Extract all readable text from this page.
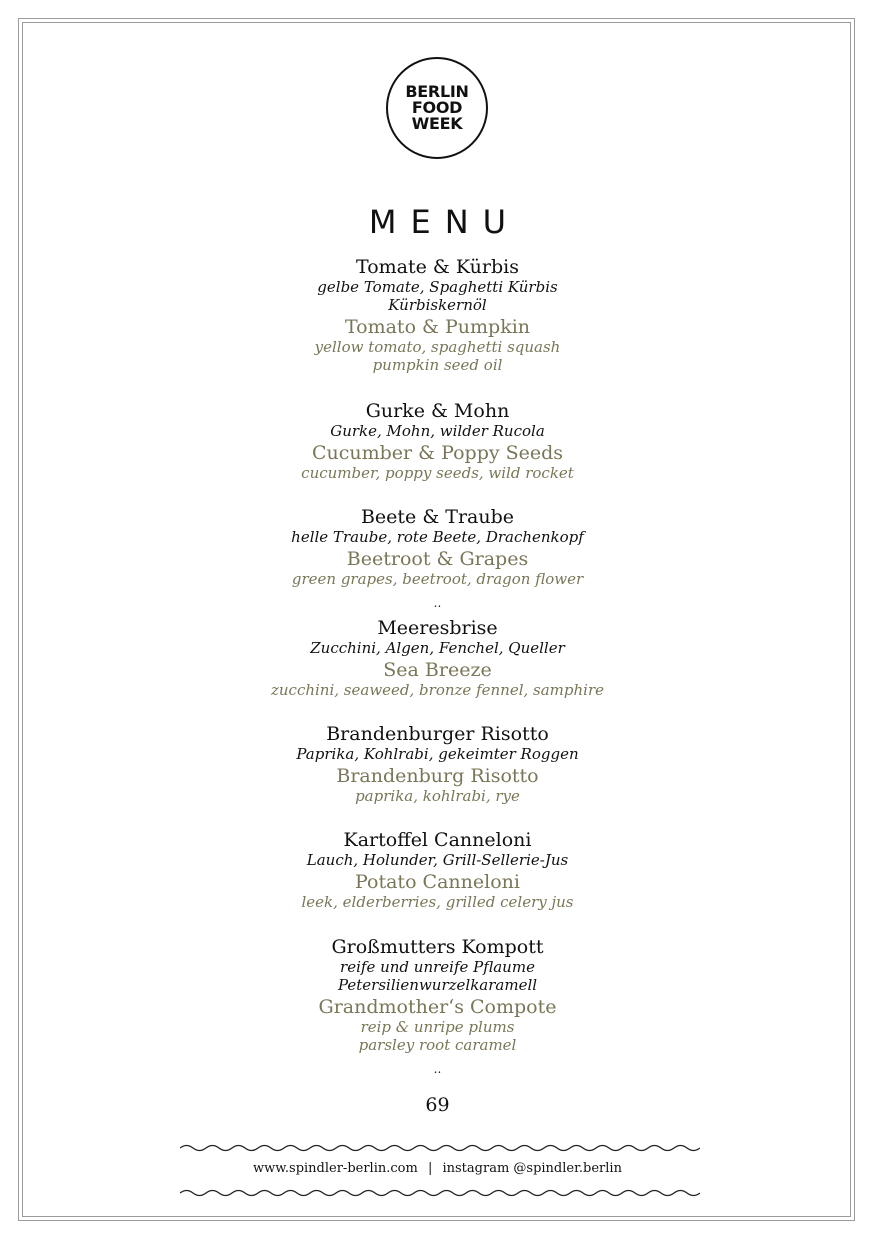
BERLIN
FOOD
WEEK
MENU
Tomate & Kürbis
gelbe Tomate, Spaghetti Kürbis
Kürbiskernöl
Tomato & Pumpkin
yellow tomato, spaghetti squash
pumpkin seed oil
Gurke & Mohn
Gurke, Mohn, wilder Rucola
Cucumber & Poppy Seeds
cucumber, poppy seeds, wild rocket
Beete & Traube
helle Traube, rote Beete, Drachenkopf
Beetroot & Grapes
green grapes, beetroot, dragon flower
..
Meeresbrise
Zucchini, Algen, Fenchel, Queller
Sea Breeze
zucchini, seaweed, bronze fennel, samphire
Brandenburger Risotto
Paprika, Kohlrabi, gekeimter Roggen
Brandenburg Risotto
paprika, kohlrabi, rye
Kartoffel Canneloni
Lauch, Holunder, Grill-Sellerie-Jus
Potato Canneloni
leek, elderberries, grilled celery jus
Großmutters Kompott
reife und unreife Pflaume
Petersilienwurzelkaramell
Grandmother‘s Compote
reip & unripe plums
parsley root caramel
..
69
www.spindler-berlin.com | instagram @spindler.berlin
